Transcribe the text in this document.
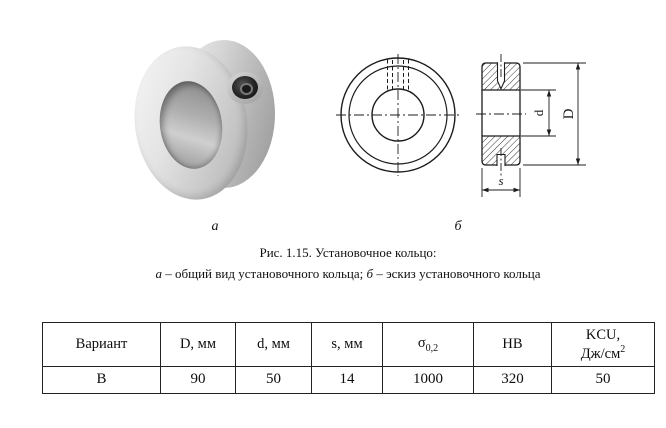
d D
s
а	б
Рис. 1.15. Установочное кольцо:
а – общий вид установочного кольца; б – эскиз установочного кольца
Вариант	D, мм	d, мм	s, мм	$\sigma_{0,2}$	HB	KCU,
$Дж/см^2$

В	90	50	14	1000	320	50
